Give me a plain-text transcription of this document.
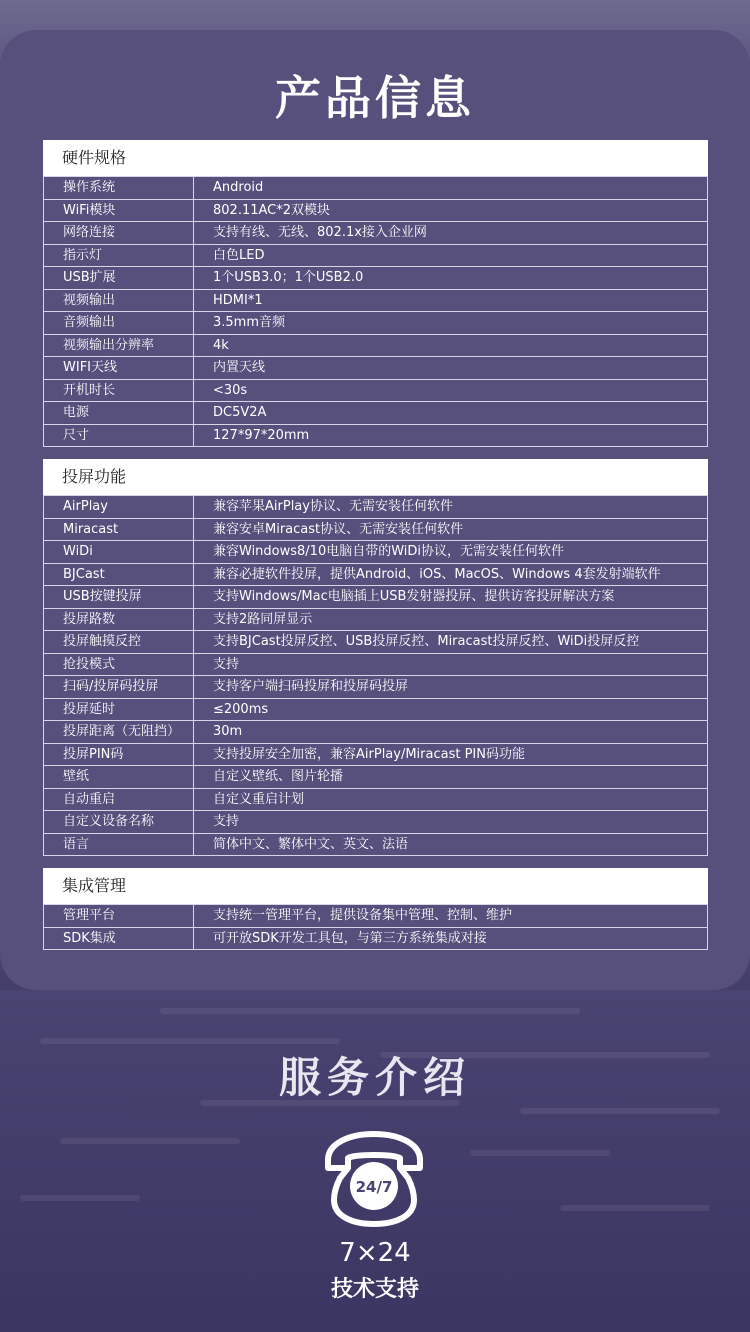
产品信息
硬件规格
操作系统	Android
WiFi模块	802.11AC*2双模块
网络连接	支持有线、无线、802.1x接入企业网
指示灯	白色LED
USB扩展	1个USB3.0；1个USB2.0
视频输出	HDMI*1
音频输出	3.5mm音频
视频输出分辨率	4k
WIFI天线	内置天线
开机时长	<30s
电源	DC5V2A
尺寸	127*97*20mm
投屏功能
AirPlay	兼容苹果AirPlay协议、无需安装任何软件
Miracast	兼容安卓Miracast协议、无需安装任何软件
WiDi	兼容Windows8/10电脑自带的WiDi协议，无需安装任何软件
BJCast	兼容必捷软件投屏，提供Android、iOS、MacOS、Windows 4套发射端软件
USB按键投屏	支持Windows/Mac电脑插上USB发射器投屏、提供访客投屏解决方案
投屏路数	支持2路同屏显示
投屏触摸反控	支持BJCast投屏反控、USB投屏反控、Miracast投屏反控、WiDi投屏反控
抢投模式	支持
扫码/投屏码投屏	支持客户端扫码投屏和投屏码投屏
投屏延时	≤200ms
投屏距离（无阻挡）	30m
投屏PIN码	支持投屏安全加密，兼容AirPlay/Miracast PIN码功能
壁纸	自定义壁纸、图片轮播
自动重启	自定义重启计划
自定义设备名称	支持
语言	简体中文、繁体中文、英文、法语
集成管理
管理平台	支持统一管理平台，提供设备集中管理、控制、维护
SDK集成	可开放SDK开发工具包，与第三方系统集成对接
服务介绍
24/7
7×24
技术支持
